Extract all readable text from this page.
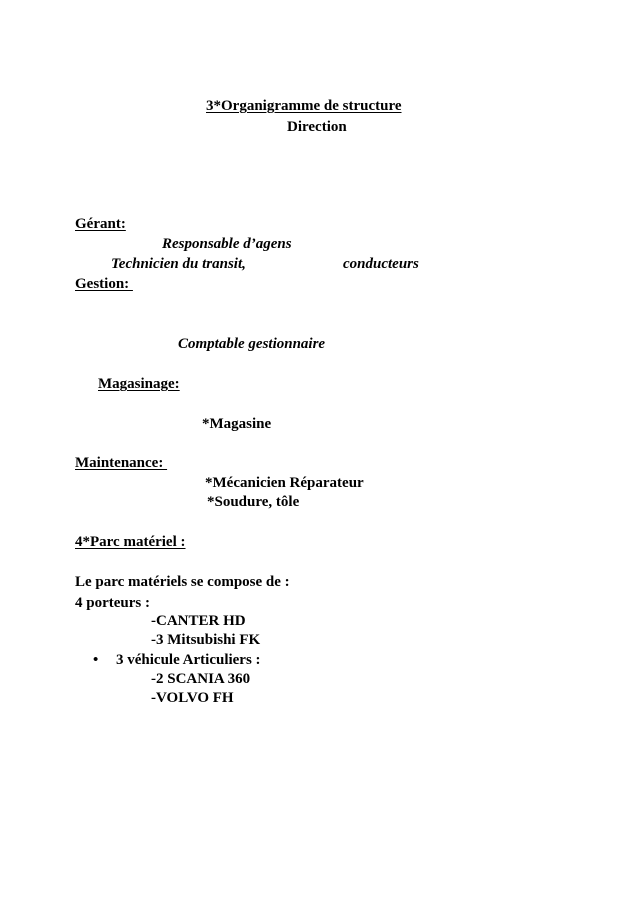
3*Organigramme de structure
Direction
Gérant:
Responsable d’agens
Technicien du transit,	conducteurs
Gestion:
Comptable gestionnaire
Magasinage:
*Magasine
Maintenance:
*Mécanicien Réparateur
*Soudure, tôle
4*Parc matériel :
Le parc matériels se compose de :
4 porteurs :
-CANTER HD
-3 Mitsubishi FK
• 3 véhicule Articuliers :
-2 SCANIA 360
-VOLVO FH
